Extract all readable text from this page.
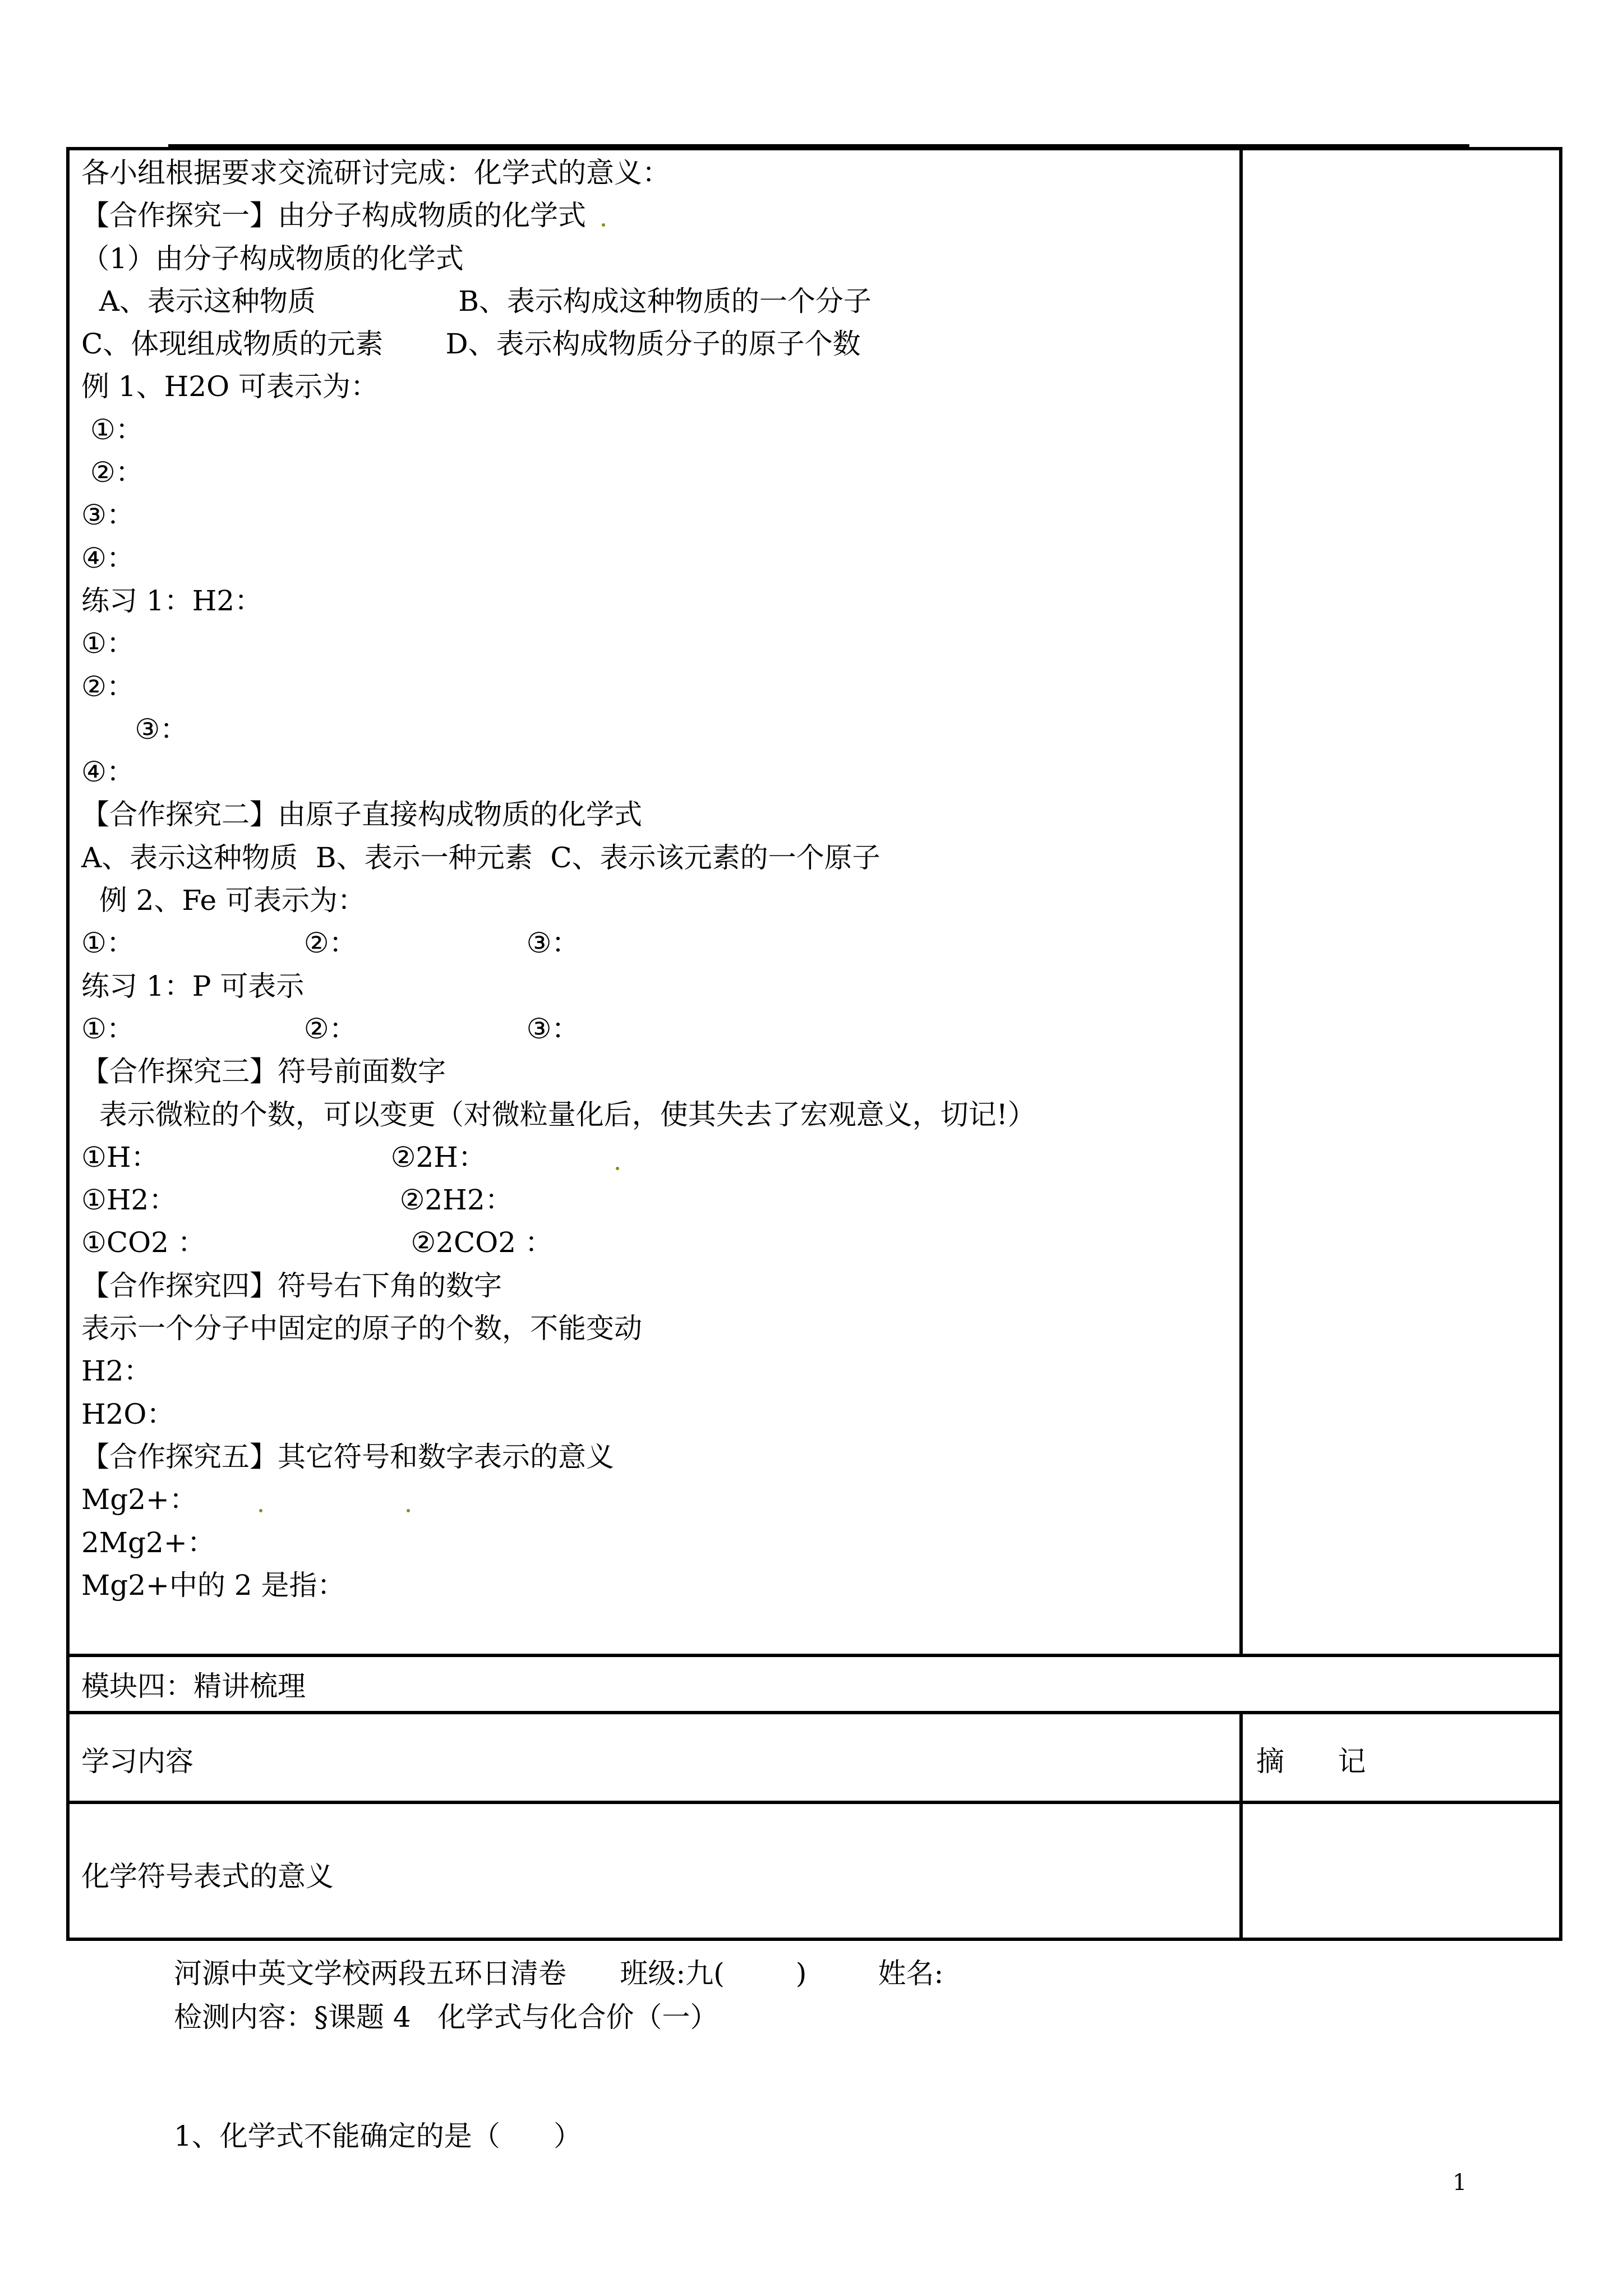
各小组根据要求交流研讨完成：化学式的意义：
【合作探究一】由分子构成物质的化学式
（1）由分子构成物质的化学式
A、表示这种物质                B、表示构成这种物质的一个分子
C、体现组成物质的元素       D、表示构成物质分子的原子个数
例 1、H2O 可表示为：
①：
②：
③：
④：
练习 1：H2：
①：
②：
③：
④：
【合作探究二】由原子直接构成物质的化学式
A、表示这种物质  B、表示一种元素  C、表示该元素的一个原子
例 2、Fe 可表示为：
①：                   ②：                   ③：
练习 1：P 可表示
①：                   ②：                   ③：
【合作探究三】符号前面数字
表示微粒的个数，可以变更（对微粒量化后，使其失去了宏观意义，切记!）
①H：                          ②2H：
①H2：                         ②2H2：
①CO2 ：                       ②2CO2 ：
【合作探究四】符号右下角的数字
表示一个分子中固定的原子的个数，不能变动
H2：
H2O：
【合作探究五】其它符号和数字表示的意义
Mg2+：
2Mg2+：
Mg2+中的 2 是指：
模块四：精讲梳理
学习内容	摘      记
化学符号表式的意义
河源中英文学校两段五环日清卷      班级:九(        )        姓名:
检测内容：§课题 4   化学式与化合价（一）
1、化学式不能确定的是（      ）
1
